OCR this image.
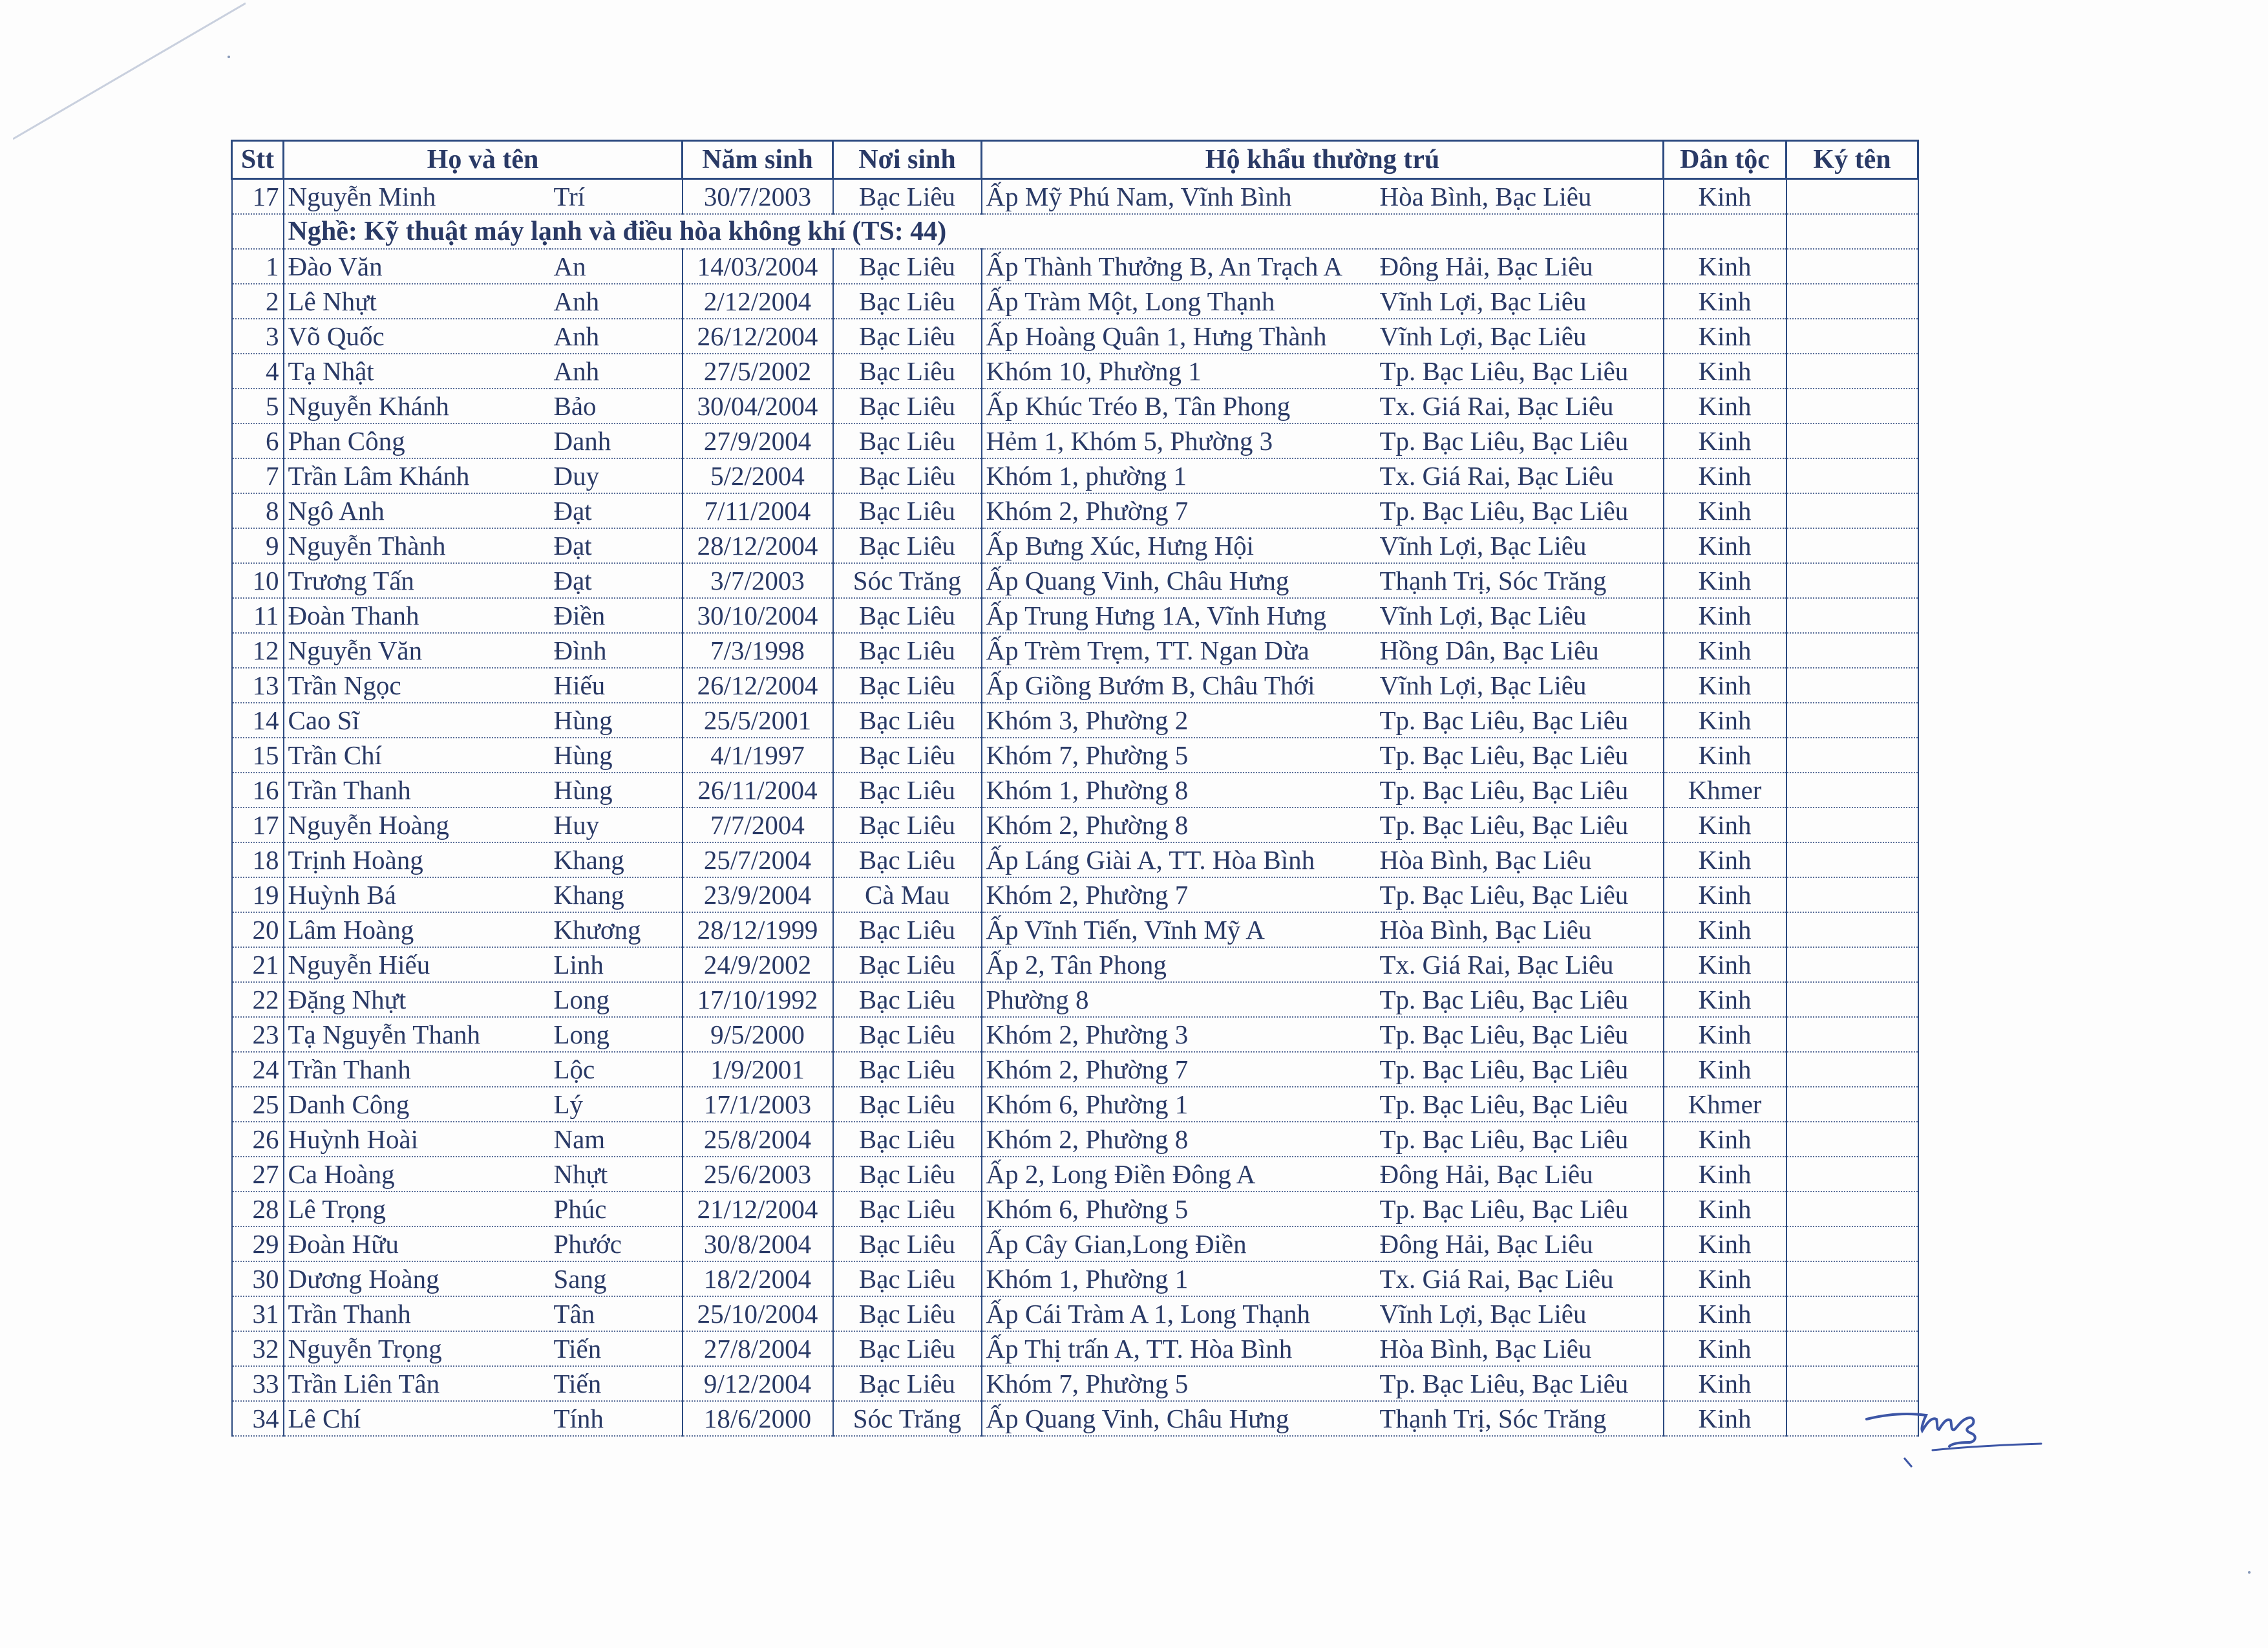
Stt	Họ và tên		Năm sinh	Nơi sinh	Hộ khẩu thường trú		Dân tộc	Ký tên
17	Nguyễn Minh	Trí	30/7/2003	Bạc Liêu	Ấp Mỹ Phú Nam, Vĩnh Bình	Hòa Bình, Bạc Liêu	Kinh	
	Nghề: Kỹ thuật máy lạnh và điều hòa không khí (TS: 44)							
1	Đào Văn	An	14/03/2004	Bạc Liêu	Ấp Thành Thưởng B, An Trạch A	Đông Hải, Bạc Liêu	Kinh	
2	Lê Nhựt	Anh	2/12/2004	Bạc Liêu	Ấp Tràm Một, Long Thạnh	Vĩnh Lợi, Bạc Liêu	Kinh	
3	Võ Quốc	Anh	26/12/2004	Bạc Liêu	Ấp Hoàng Quân 1, Hưng Thành	Vĩnh Lợi, Bạc Liêu	Kinh	
4	Tạ Nhật	Anh	27/5/2002	Bạc Liêu	Khóm 10, Phường 1	Tp. Bạc Liêu, Bạc Liêu	Kinh	
5	Nguyễn Khánh	Bảo	30/04/2004	Bạc Liêu	Ấp Khúc Tréo B, Tân Phong	Tx. Giá Rai, Bạc Liêu	Kinh	
6	Phan Công	Danh	27/9/2004	Bạc Liêu	Hẻm 1, Khóm 5, Phường 3	Tp. Bạc Liêu, Bạc Liêu	Kinh	
7	Trần Lâm Khánh	Duy	5/2/2004	Bạc Liêu	Khóm 1, phường 1	Tx. Giá Rai, Bạc Liêu	Kinh	
8	Ngô Anh	Đạt	7/11/2004	Bạc Liêu	Khóm 2, Phường 7	Tp. Bạc Liêu, Bạc Liêu	Kinh	
9	Nguyễn Thành	Đạt	28/12/2004	Bạc Liêu	Ấp Bưng Xúc, Hưng Hội	Vĩnh Lợi, Bạc Liêu	Kinh	
10	Trương Tấn	Đạt	3/7/2003	Sóc Trăng	Ấp Quang Vinh, Châu Hưng	Thạnh Trị, Sóc Trăng	Kinh	
11	Đoàn Thanh	Điền	30/10/2004	Bạc Liêu	Ấp Trung Hưng 1A, Vĩnh Hưng	Vĩnh Lợi, Bạc Liêu	Kinh	
12	Nguyễn Văn	Đình	7/3/1998	Bạc Liêu	Ấp Trèm Trẹm, TT. Ngan Dừa	Hồng Dân, Bạc Liêu	Kinh	
13	Trần Ngọc	Hiếu	26/12/2004	Bạc Liêu	Ấp Giồng Bướm B, Châu Thới	Vĩnh Lợi, Bạc Liêu	Kinh	
14	Cao Sĩ	Hùng	25/5/2001	Bạc Liêu	Khóm 3, Phường 2	Tp. Bạc Liêu, Bạc Liêu	Kinh	
15	Trần Chí	Hùng	4/1/1997	Bạc Liêu	Khóm 7, Phường 5	Tp. Bạc Liêu, Bạc Liêu	Kinh	
16	Trần Thanh	Hùng	26/11/2004	Bạc Liêu	Khóm 1, Phường 8	Tp. Bạc Liêu, Bạc Liêu	Khmer	
17	Nguyễn Hoàng	Huy	7/7/2004	Bạc Liêu	Khóm 2, Phường 8	Tp. Bạc Liêu, Bạc Liêu	Kinh	
18	Trịnh Hoàng	Khang	25/7/2004	Bạc Liêu	Ấp Láng Giài A, TT. Hòa Bình	Hòa Bình, Bạc Liêu	Kinh	
19	Huỳnh Bá	Khang	23/9/2004	Cà Mau	Khóm 2, Phường 7	Tp. Bạc Liêu, Bạc Liêu	Kinh	
20	Lâm Hoàng	Khương	28/12/1999	Bạc Liêu	Ấp Vĩnh Tiến, Vĩnh Mỹ A	Hòa Bình, Bạc Liêu	Kinh	
21	Nguyễn Hiếu	Linh	24/9/2002	Bạc Liêu	Ấp 2, Tân Phong	Tx. Giá Rai, Bạc Liêu	Kinh	
22	Đặng Nhựt	Long	17/10/1992	Bạc Liêu	Phường 8	Tp. Bạc Liêu, Bạc Liêu	Kinh	
23	Tạ Nguyễn Thanh	Long	9/5/2000	Bạc Liêu	Khóm 2, Phường 3	Tp. Bạc Liêu, Bạc Liêu	Kinh	
24	Trần Thanh	Lộc	1/9/2001	Bạc Liêu	Khóm 2, Phường 7	Tp. Bạc Liêu, Bạc Liêu	Kinh	
25	Danh Công	Lý	17/1/2003	Bạc Liêu	Khóm 6, Phường 1	Tp. Bạc Liêu, Bạc Liêu	Khmer	
26	Huỳnh Hoài	Nam	25/8/2004	Bạc Liêu	Khóm 2, Phường 8	Tp. Bạc Liêu, Bạc Liêu	Kinh	
27	Ca Hoàng	Nhựt	25/6/2003	Bạc Liêu	Ấp 2, Long Điền Đông A	Đông Hải, Bạc Liêu	Kinh	
28	Lê Trọng	Phúc	21/12/2004	Bạc Liêu	Khóm 6, Phường 5	Tp. Bạc Liêu, Bạc Liêu	Kinh	
29	Đoàn Hữu	Phước	30/8/2004	Bạc Liêu	Ấp Cây Gian,Long Điền	Đông Hải, Bạc Liêu	Kinh	
30	Dương Hoàng	Sang	18/2/2004	Bạc Liêu	Khóm 1, Phường 1	Tx. Giá Rai, Bạc Liêu	Kinh	
31	Trần Thanh	Tân	25/10/2004	Bạc Liêu	Ấp Cái Tràm A 1, Long Thạnh	Vĩnh Lợi, Bạc Liêu	Kinh	
32	Nguyễn Trọng	Tiến	27/8/2004	Bạc Liêu	Ấp Thị trấn A, TT. Hòa Bình	Hòa Bình, Bạc Liêu	Kinh	
33	Trần Liên Tân	Tiến	9/12/2004	Bạc Liêu	Khóm 7, Phường 5	Tp. Bạc Liêu, Bạc Liêu	Kinh	
34	Lê Chí	Tính	18/6/2000	Sóc Trăng	Ấp Quang Vinh, Châu Hưng	Thạnh Trị, Sóc Trăng	Kinh	
